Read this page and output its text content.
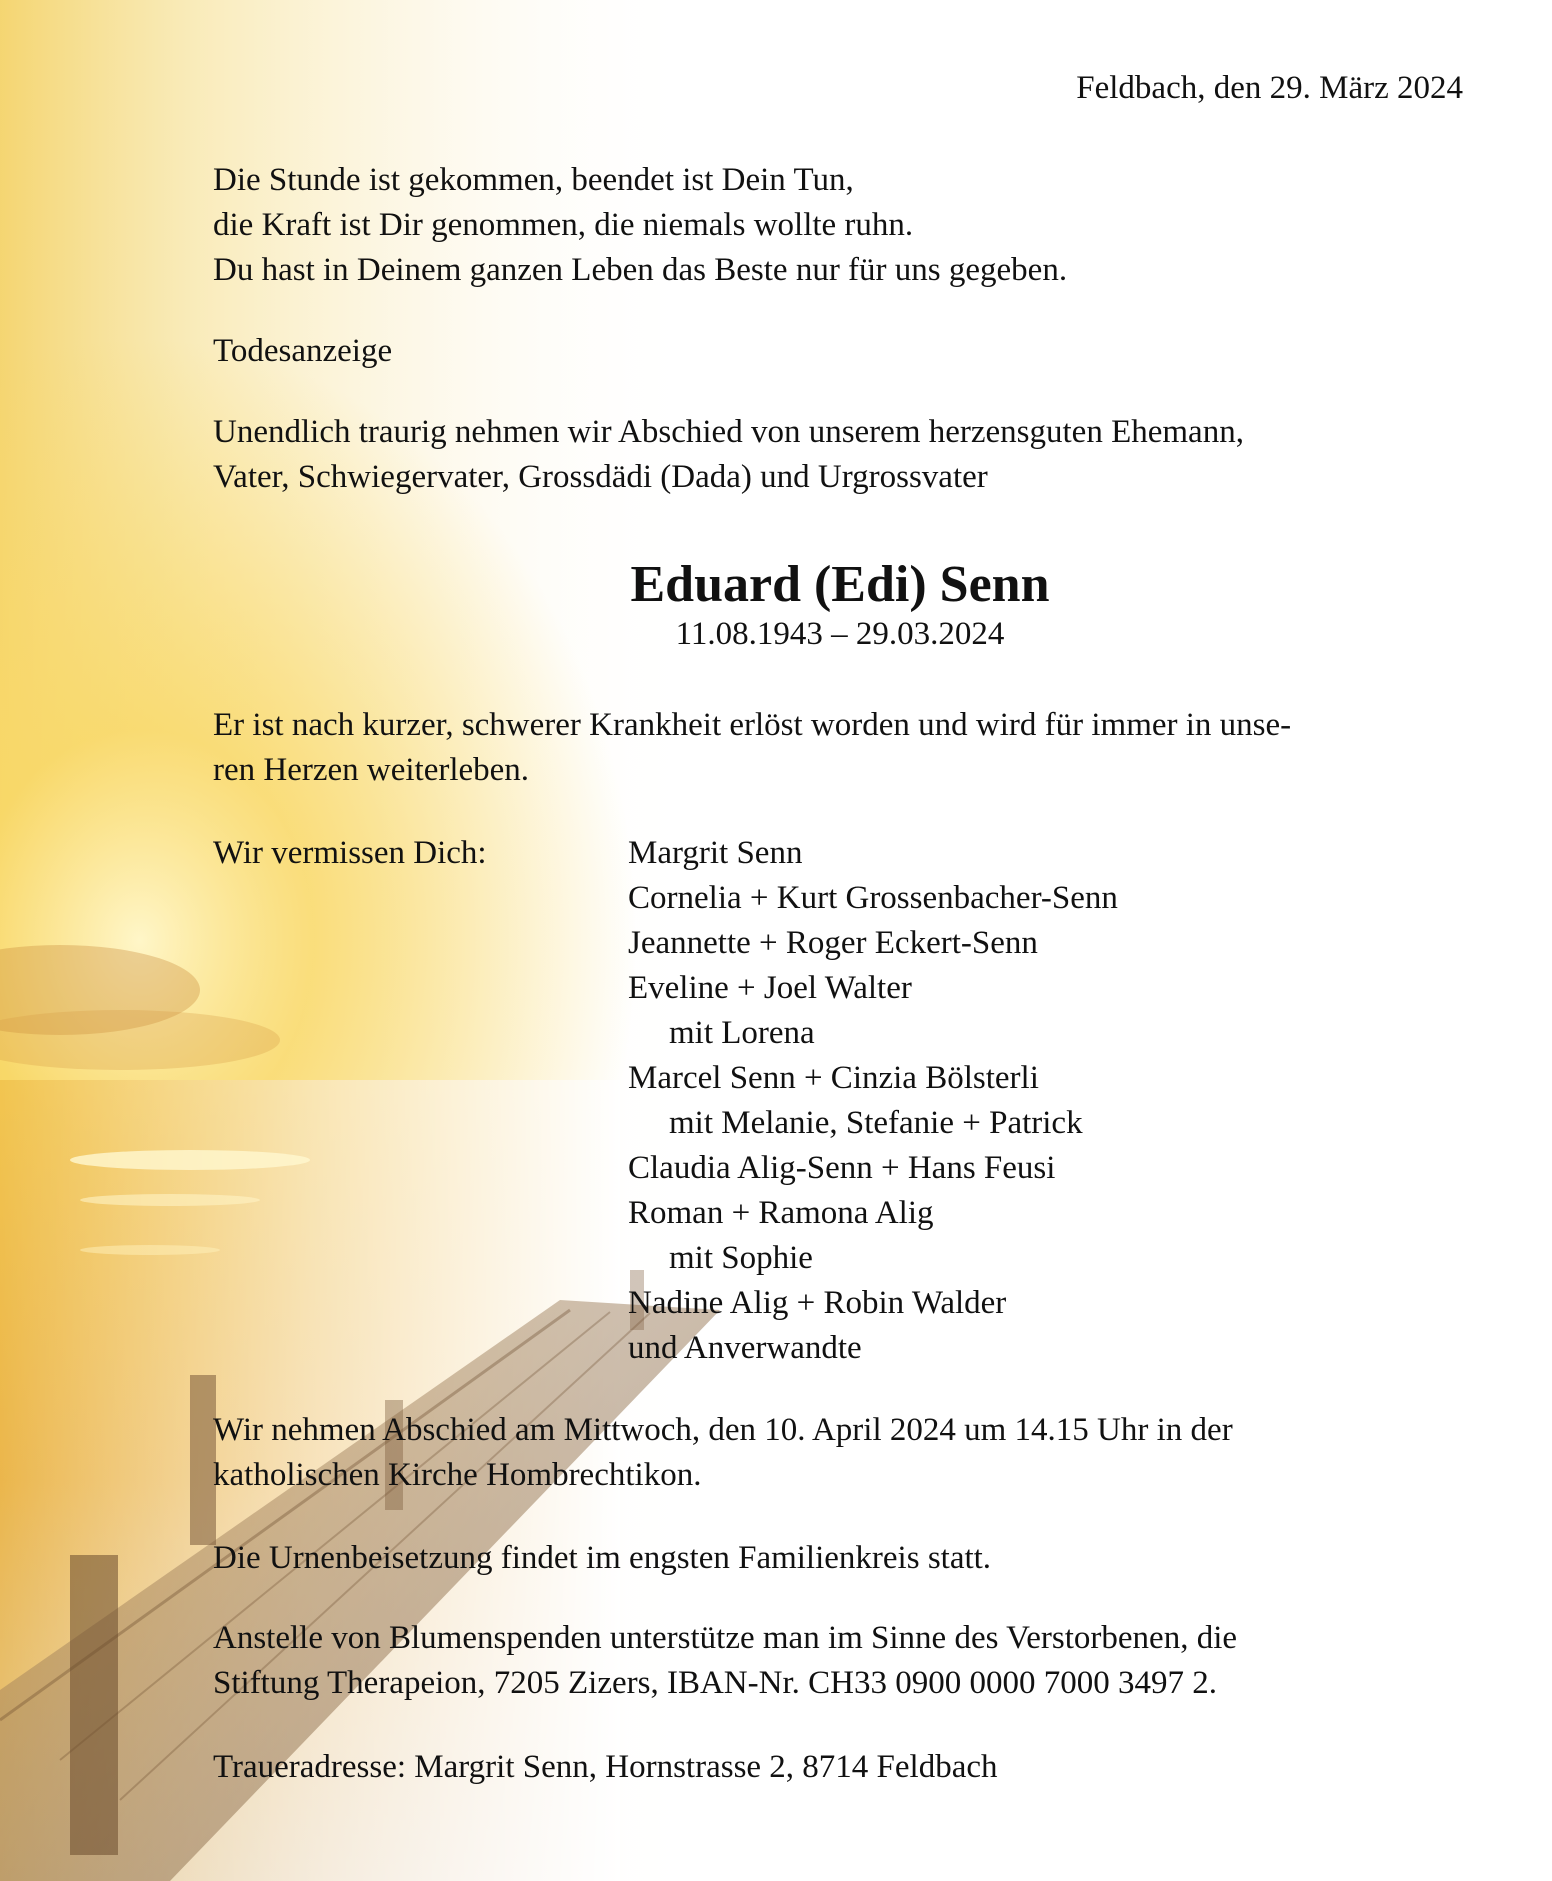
Feldbach, den 29. März 2024
Die Stunde ist gekommen, beendet ist Dein Tun,
die Kraft ist Dir genommen, die niemals wollte ruhn.
Du hast in Deinem ganzen Leben das Beste nur für uns gegeben.
Todesanzeige
Unendlich traurig nehmen wir Abschied von unserem herzensguten Ehemann,
Vater, Schwiegervater, Grossdädi (Dada) und Urgrossvater
Eduard (Edi) Senn
11.08.1943 – 29.03.2024
Er ist nach kurzer, schwerer Krankheit erlöst worden und wird für immer in unse-
ren Herzen weiterleben.
Wir vermissen Dich:	Margrit Senn
Cornelia + Kurt Grossenbacher-Senn
Jeannette + Roger Eckert-Senn
Eveline + Joel Walter
mit Lorena
Marcel Senn + Cinzia Bölsterli
mit Melanie, Stefanie + Patrick
Claudia Alig-Senn + Hans Feusi
Roman + Ramona Alig
mit Sophie
Nadine Alig + Robin Walder
und Anverwandte
Wir nehmen Abschied am Mittwoch, den 10. April 2024 um 14.15 Uhr in der
katholischen Kirche Hombrechtikon.
Die Urnenbeisetzung findet im engsten Familienkreis statt.
Anstelle von Blumenspenden unterstütze man im Sinne des Verstorbenen, die
Stiftung Therapeion, 7205 Zizers, IBAN-Nr. CH33 0900 0000 7000 3497 2.
Traueradresse: Margrit Senn, Hornstrasse 2, 8714 Feldbach
